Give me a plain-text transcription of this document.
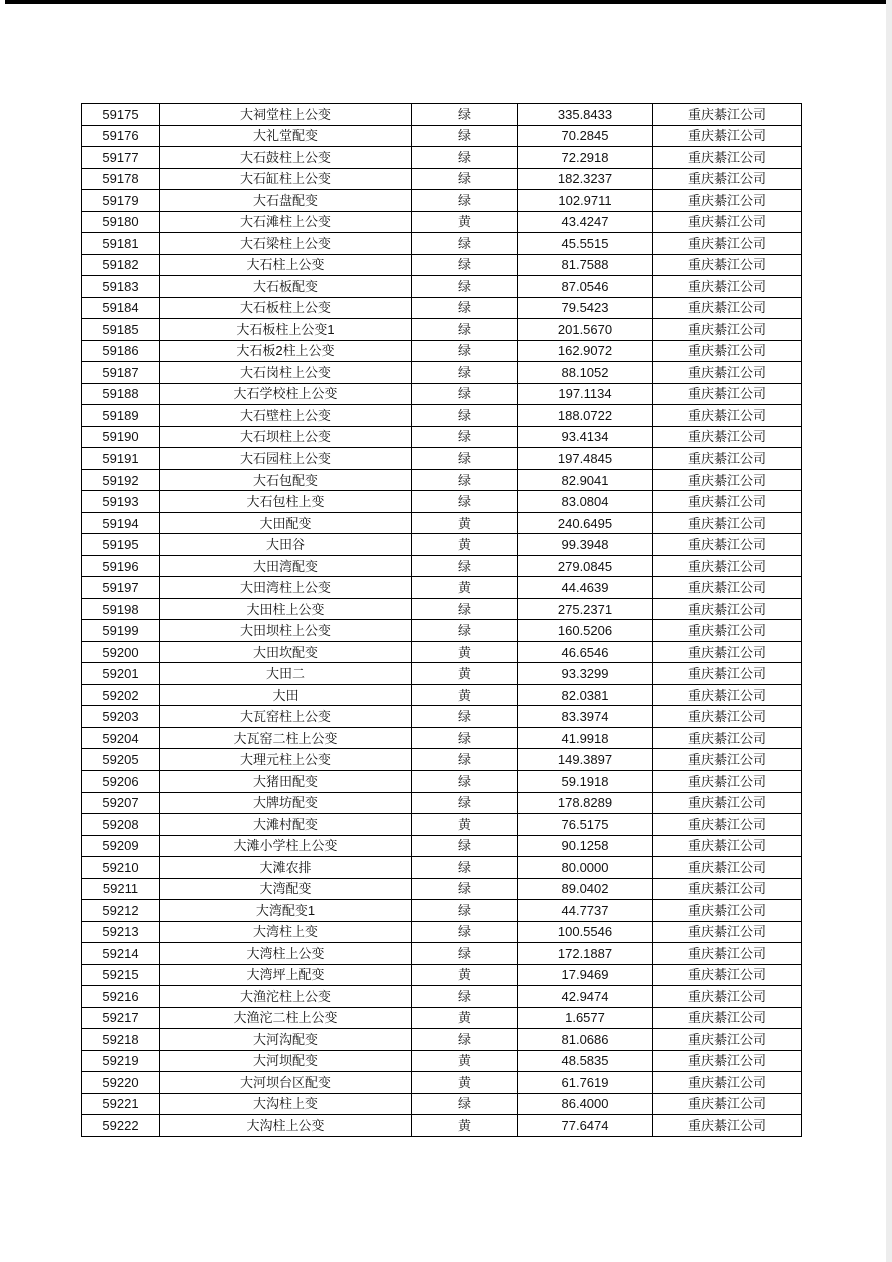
59175	大祠堂柱上公变	绿	335.8433	重庆綦江公司
59176	大礼堂配变	绿	70.2845	重庆綦江公司
59177	大石鼓柱上公变	绿	72.2918	重庆綦江公司
59178	大石缸柱上公变	绿	182.3237	重庆綦江公司
59179	大石盘配变	绿	102.9711	重庆綦江公司
59180	大石滩柱上公变	黄	43.4247	重庆綦江公司
59181	大石梁柱上公变	绿	45.5515	重庆綦江公司
59182	大石柱上公变	绿	81.7588	重庆綦江公司
59183	大石板配变	绿	87.0546	重庆綦江公司
59184	大石板柱上公变	绿	79.5423	重庆綦江公司
59185	大石板柱上公变1	绿	201.5670	重庆綦江公司
59186	大石板2柱上公变	绿	162.9072	重庆綦江公司
59187	大石岗柱上公变	绿	88.1052	重庆綦江公司
59188	大石学校柱上公变	绿	197.1134	重庆綦江公司
59189	大石壁柱上公变	绿	188.0722	重庆綦江公司
59190	大石坝柱上公变	绿	93.4134	重庆綦江公司
59191	大石园柱上公变	绿	197.4845	重庆綦江公司
59192	大石包配变	绿	82.9041	重庆綦江公司
59193	大石包柱上变	绿	83.0804	重庆綦江公司
59194	大田配变	黄	240.6495	重庆綦江公司
59195	大田谷	黄	99.3948	重庆綦江公司
59196	大田湾配变	绿	279.0845	重庆綦江公司
59197	大田湾柱上公变	黄	44.4639	重庆綦江公司
59198	大田柱上公变	绿	275.2371	重庆綦江公司
59199	大田坝柱上公变	绿	160.5206	重庆綦江公司
59200	大田坎配变	黄	46.6546	重庆綦江公司
59201	大田二	黄	93.3299	重庆綦江公司
59202	大田	黄	82.0381	重庆綦江公司
59203	大瓦窑柱上公变	绿	83.3974	重庆綦江公司
59204	大瓦窑二柱上公变	绿	41.9918	重庆綦江公司
59205	大理元柱上公变	绿	149.3897	重庆綦江公司
59206	大猪田配变	绿	59.1918	重庆綦江公司
59207	大牌坊配变	绿	178.8289	重庆綦江公司
59208	大滩村配变	黄	76.5175	重庆綦江公司
59209	大滩小学柱上公变	绿	90.1258	重庆綦江公司
59210	大滩农排	绿	80.0000	重庆綦江公司
59211	大湾配变	绿	89.0402	重庆綦江公司
59212	大湾配变1	绿	44.7737	重庆綦江公司
59213	大湾柱上变	绿	100.5546	重庆綦江公司
59214	大湾柱上公变	绿	172.1887	重庆綦江公司
59215	大湾坪上配变	黄	17.9469	重庆綦江公司
59216	大渔沱柱上公变	绿	42.9474	重庆綦江公司
59217	大渔沱二柱上公变	黄	1.6577	重庆綦江公司
59218	大河沟配变	绿	81.0686	重庆綦江公司
59219	大河坝配变	黄	48.5835	重庆綦江公司
59220	大河坝台区配变	黄	61.7619	重庆綦江公司
59221	大沟柱上变	绿	86.4000	重庆綦江公司
59222	大沟柱上公变	黄	77.6474	重庆綦江公司
